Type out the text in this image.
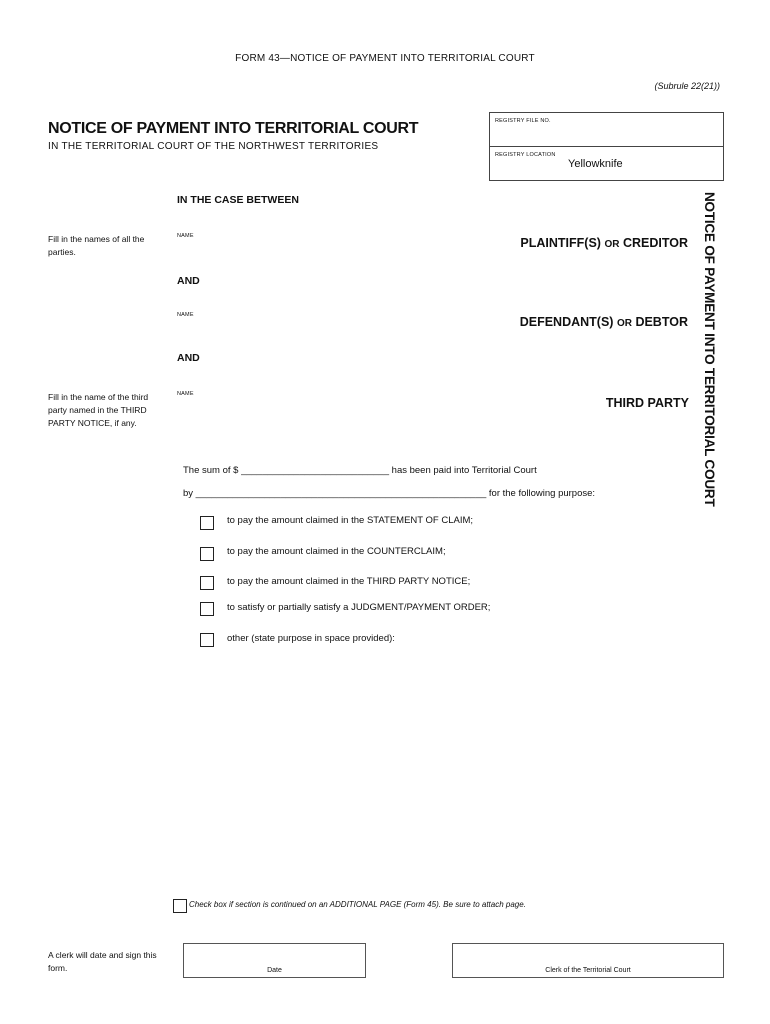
FORM 43—NOTICE OF PAYMENT INTO TERRITORIAL COURT
(Subrule 22(21))
NOTICE OF PAYMENT INTO TERRITORIAL COURT
IN THE TERRITORIAL COURT OF THE NORTHWEST TERRITORIES
REGISTRY FILE NO.
REGISTRY LOCATION
Yellowknife
NOTICE OF PAYMENT INTO TERRITORIAL COURT
IN THE CASE BETWEEN
Fill in the names of all the parties.
NAME	PLAINTIFF(S) OR CREDITOR
AND
NAME	DEFENDANT(S) OR DEBTOR
AND
Fill in the name of the third party named in the THIRD PARTY NOTICE, if any.
NAME
THIRD PARTY
The sum of $ ____________________________ has been paid into Territorial Court
by _______________________________________________________ for the following purpose:
to pay the amount claimed in the STATEMENT OF CLAIM;
to pay the amount claimed in the COUNTERCLAIM;
to pay the amount claimed in the THIRD PARTY NOTICE;
to satisfy or partially satisfy a JUDGMENT/PAYMENT ORDER;
other (state purpose in space provided):
Check box if section is continued on an ADDITIONAL PAGE (Form 45). Be sure to attach page.
A clerk will date and sign this form.	Date	Clerk of the Territorial Court
